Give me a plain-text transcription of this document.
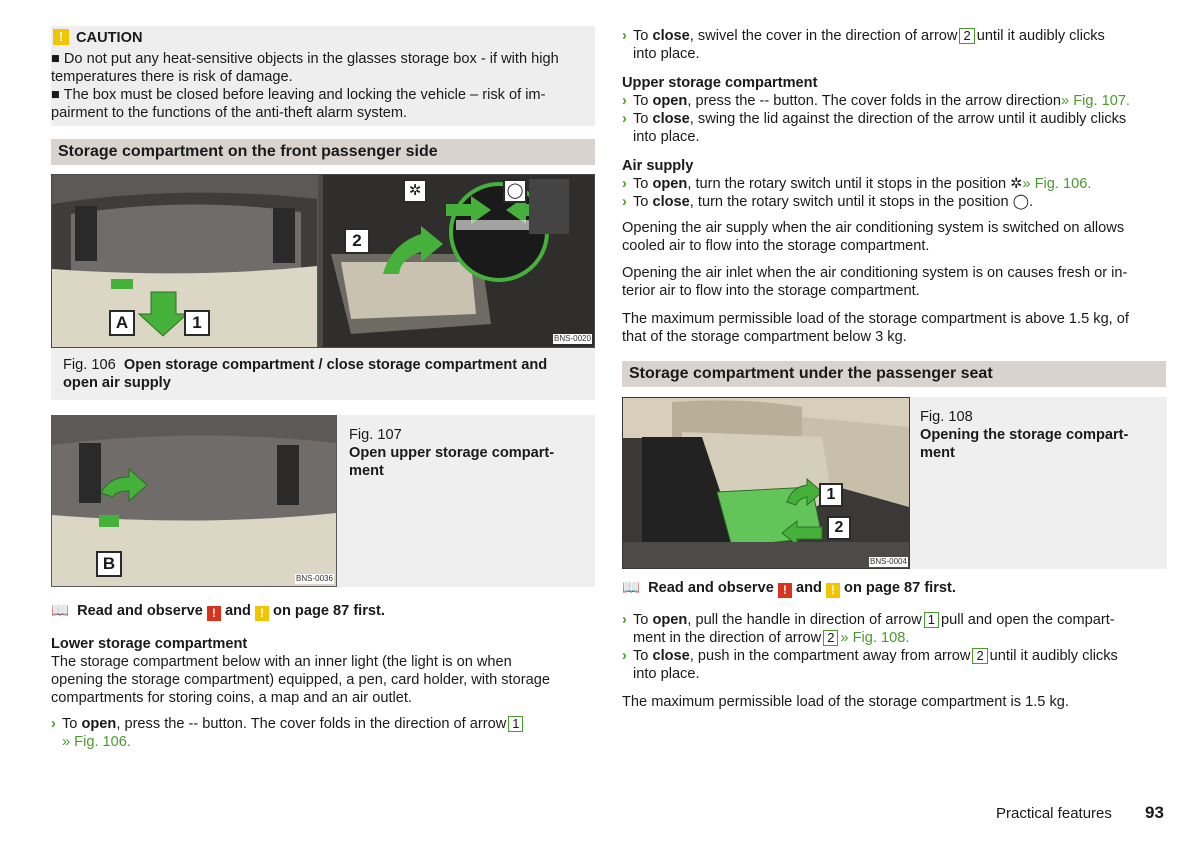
! CAUTION

■ Do not put any heat-sensitive objects in the glasses storage box - if with high

temperatures there is risk of damage.

■ The box must be closed before leaving and locking the vehicle – risk of im-

pairment to the functions of the anti-theft alarm system.

Storage compartment on the front passenger side
A	1
2
✲	◯
BNS-0020
Fig. 106 Open storage compartment / close storage compartment and open air supply
B
BNS-0036

Fig. 107

Open upper storage compart-

ment

📖 Read and observe ! and ! on page 87 first.

Lower storage compartment

The storage compartment below with an inner light (the light is on when

opening the storage compartment) equipped, a pen, card holder, with storage

compartments for storing coins, a map and an air outlet.

› To open, press the -- button. The cover folds in the direction of arrow 1
» Fig. 106.
› To close, swivel the cover in the direction of arrow 2 until it audibly clicks
into place.

Upper storage compartment

› To open, press the -- button. The cover folds in the arrow direction» Fig. 107.
› To close, swing the lid against the direction of the arrow until it audibly clicks
into place.

Air supply

› To open, turn the rotary switch until it stops in the position ✲» Fig. 106.
› To close, turn the rotary switch until it stops in the position ◯.

Opening the air supply when the air conditioning system is switched on allows

cooled air to flow into the storage compartment.

Opening the air inlet when the air conditioning system is on causes fresh or in-

terior air to flow into the storage compartment.

The maximum permissible load of the storage compartment is above 1.5 kg, of

that of the storage compartment below 3 kg.

Storage compartment under the passenger seat
1
2
BNS-0004

Fig. 108

Opening the storage compart-

ment

📖 Read and observe ! and ! on page 87 first.
› To open, pull the handle in direction of arrow 1 pull and open the compart-
ment in the direction of arrow 2 » Fig. 108.
› To close, push in the compartment away from arrow 2 until it audibly clicks
into place.

The maximum permissible load of the storage compartment is 1.5 kg.

Practical features 93
